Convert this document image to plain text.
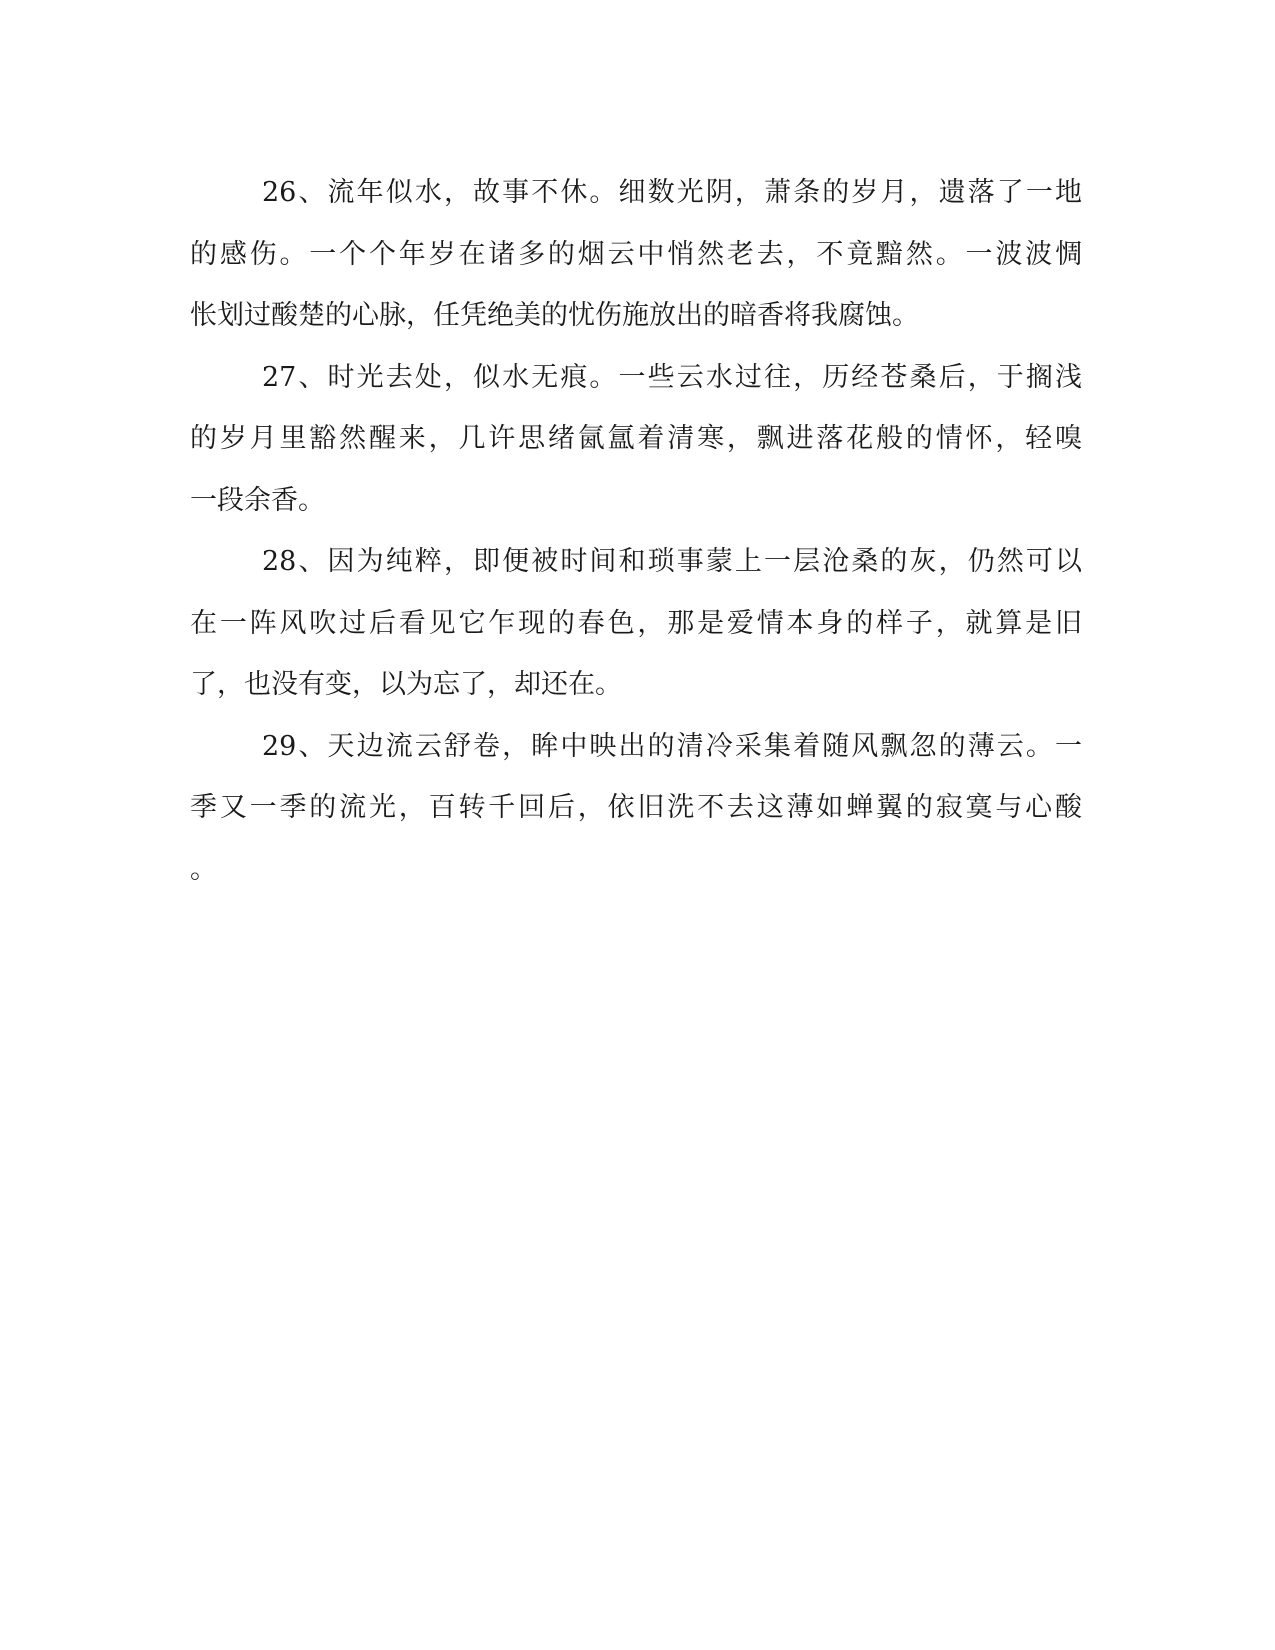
26、流年似水，故事不休。细数光阴，萧条的岁月，遗落了一地
的感伤。一个个年岁在诸多的烟云中悄然老去，不竟黯然。一波波惆
怅划过酸楚的心脉，任凭绝美的忧伤施放出的暗香将我腐蚀。
27、时光去处，似水无痕。一些云水过往，历经苍桑后，于搁浅
的岁月里豁然醒来，几许思绪氤氲着清寒，飘进落花般的情怀，轻嗅
一段余香。
28、因为纯粹，即便被时间和琐事蒙上一层沧桑的灰，仍然可以
在一阵风吹过后看见它乍现的春色，那是爱情本身的样子，就算是旧
了，也没有变，以为忘了，却还在。
29、天边流云舒卷，眸中映出的清冷采集着随风飘忽的薄云。一
季又一季的流光，百转千回后，依旧洗不去这薄如蝉翼的寂寞与心酸
。
